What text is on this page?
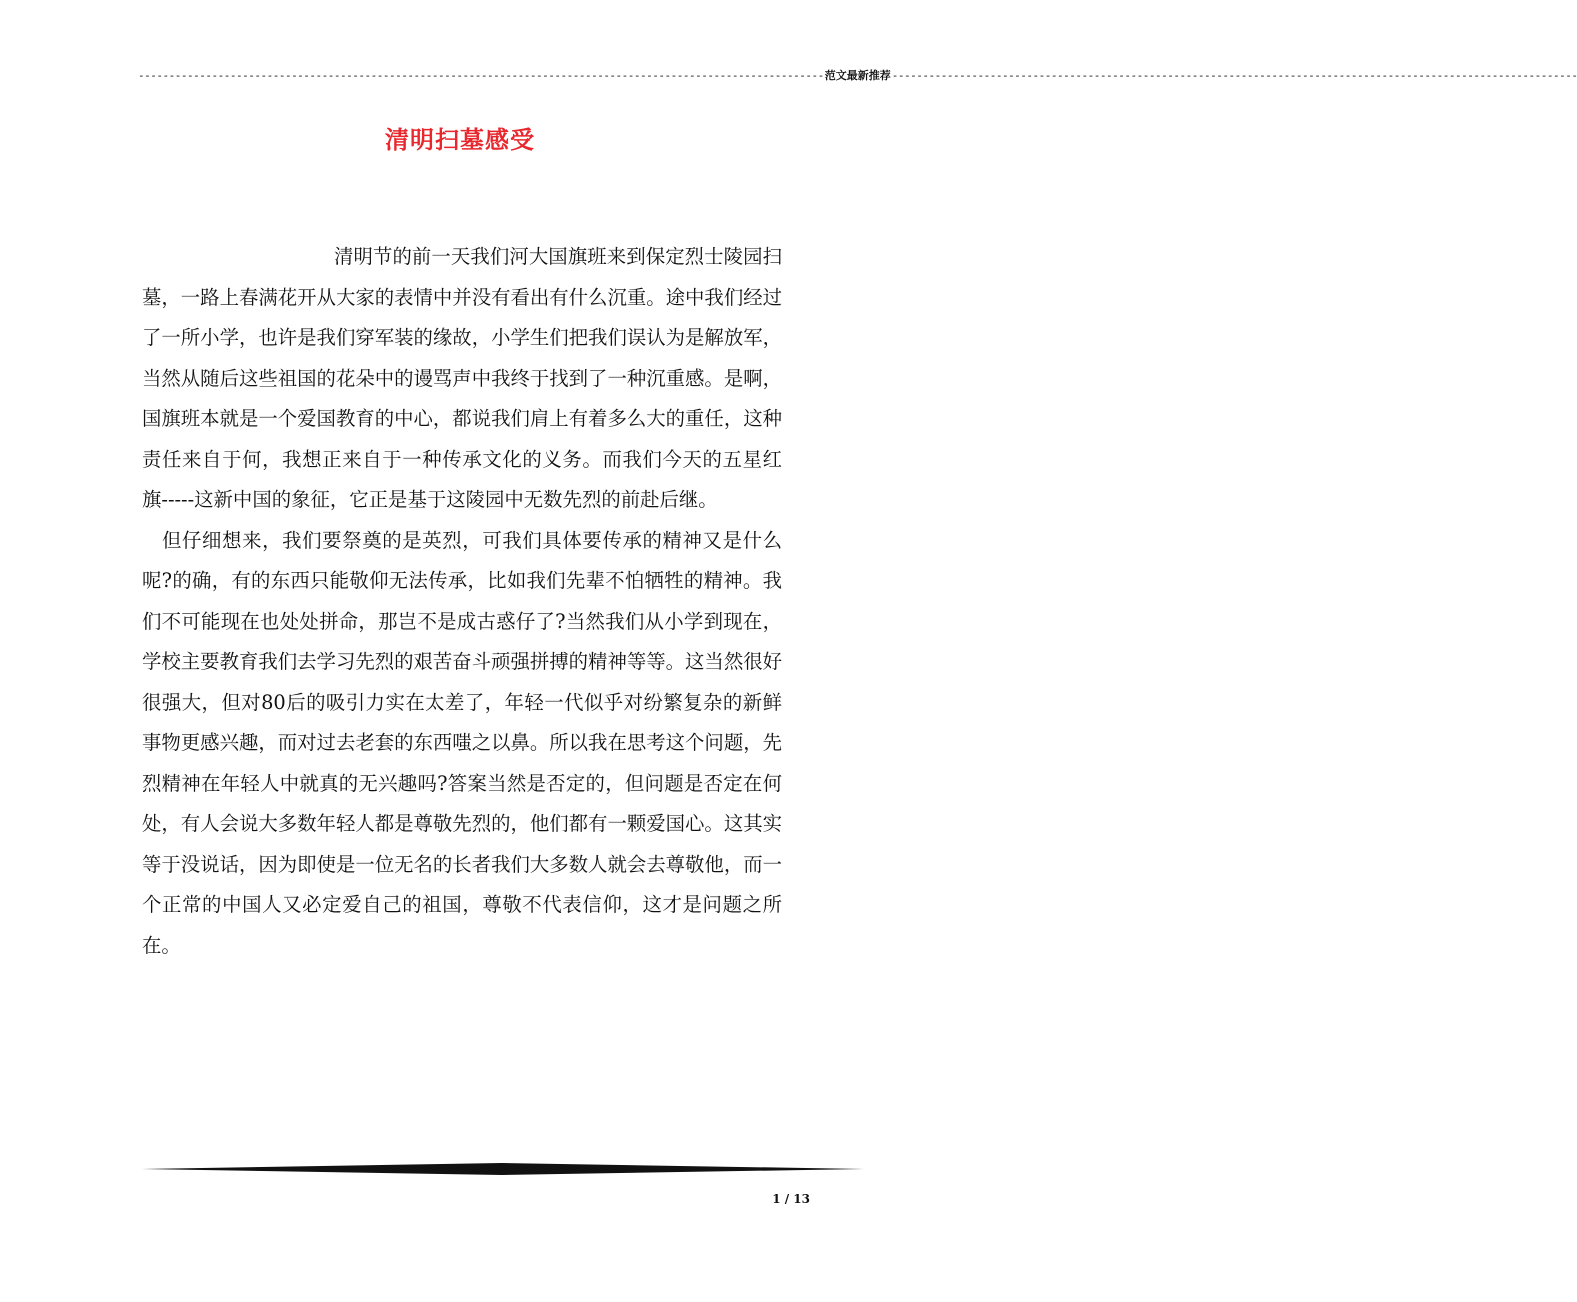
---------------------------------------------------------------------------------------------------------------- 范文最新推荐 ----------------------------------------------------------------------------------------------------------------
清明扫墓感受

清明节的前一天我们河大国旗班来到保定烈士陵园扫墓，一路上春满花开从大家的表情中并没有看出有什么沉重。途中我们经过了一所小学，也许是我们穿军装的缘故，小学生们把我们误认为是解放军，当然从随后这些祖国的花朵中的谩骂声中我终于找到了一种沉重感。是啊，国旗班本就是一个爱国教育的中心，都说我们肩上有着多么大的重任，这种责任来自于何，我想正来自于一种传承文化的义务。而我们今天的五星红旗-----这新中国的象征，它正是基于这陵园中无数先烈的前赴后继。

但仔细想来，我们要祭奠的是英烈，可我们具体要传承的精神又是什么呢?的确，有的东西只能敬仰无法传承，比如我们先辈不怕牺牲的精神。我们不可能现在也处处拼命，那岂不是成古惑仔了?当然我们从小学到现在，学校主要教育我们去学习先烈的艰苦奋斗顽强拼搏的精神等等。这当然很好很强大，但对80后的吸引力实在太差了，年轻一代似乎对纷繁复杂的新鲜事物更感兴趣，而对过去老套的东西嗤之以鼻。所以我在思考这个问题，先烈精神在年轻人中就真的无兴趣吗?答案当然是否定的，但问题是否定在何处，有人会说大多数年轻人都是尊敬先烈的，他们都有一颗爱国心。这其实等于没说话，因为即使是一位无名的长者我们大多数人就会去尊敬他，而一个正常的中国人又必定爱自己的祖国，尊敬不代表信仰，这才是问题之所在。

1 / 13
